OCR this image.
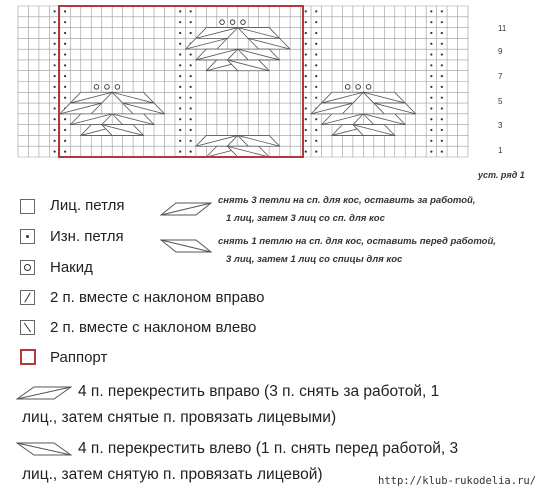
11
9
7
5
3
1
уст. ряд 1
Лиц. петля
Изн. петля
Накид
2 п. вместе с наклоном вправо
2 п. вместе с наклоном влево
Раппорт
снять 3 петли на сп. для кос, оставить за работой,
1 лиц, затем 3 лиц со сп. для кос
снять 1 петлю на сп. для кос, оставить перед работой,
3 лиц, затем 1 лиц со спицы для кос
4 п. перекрестить вправо (3 п. снять за работой, 1
лиц., затем снятые п. провязать лицевыми)
4 п. перекрестить влево (1 п. снять перед работой, 3
лиц., затем снятую п. провязать лицевой)	http://klub-rukodelia.ru/
